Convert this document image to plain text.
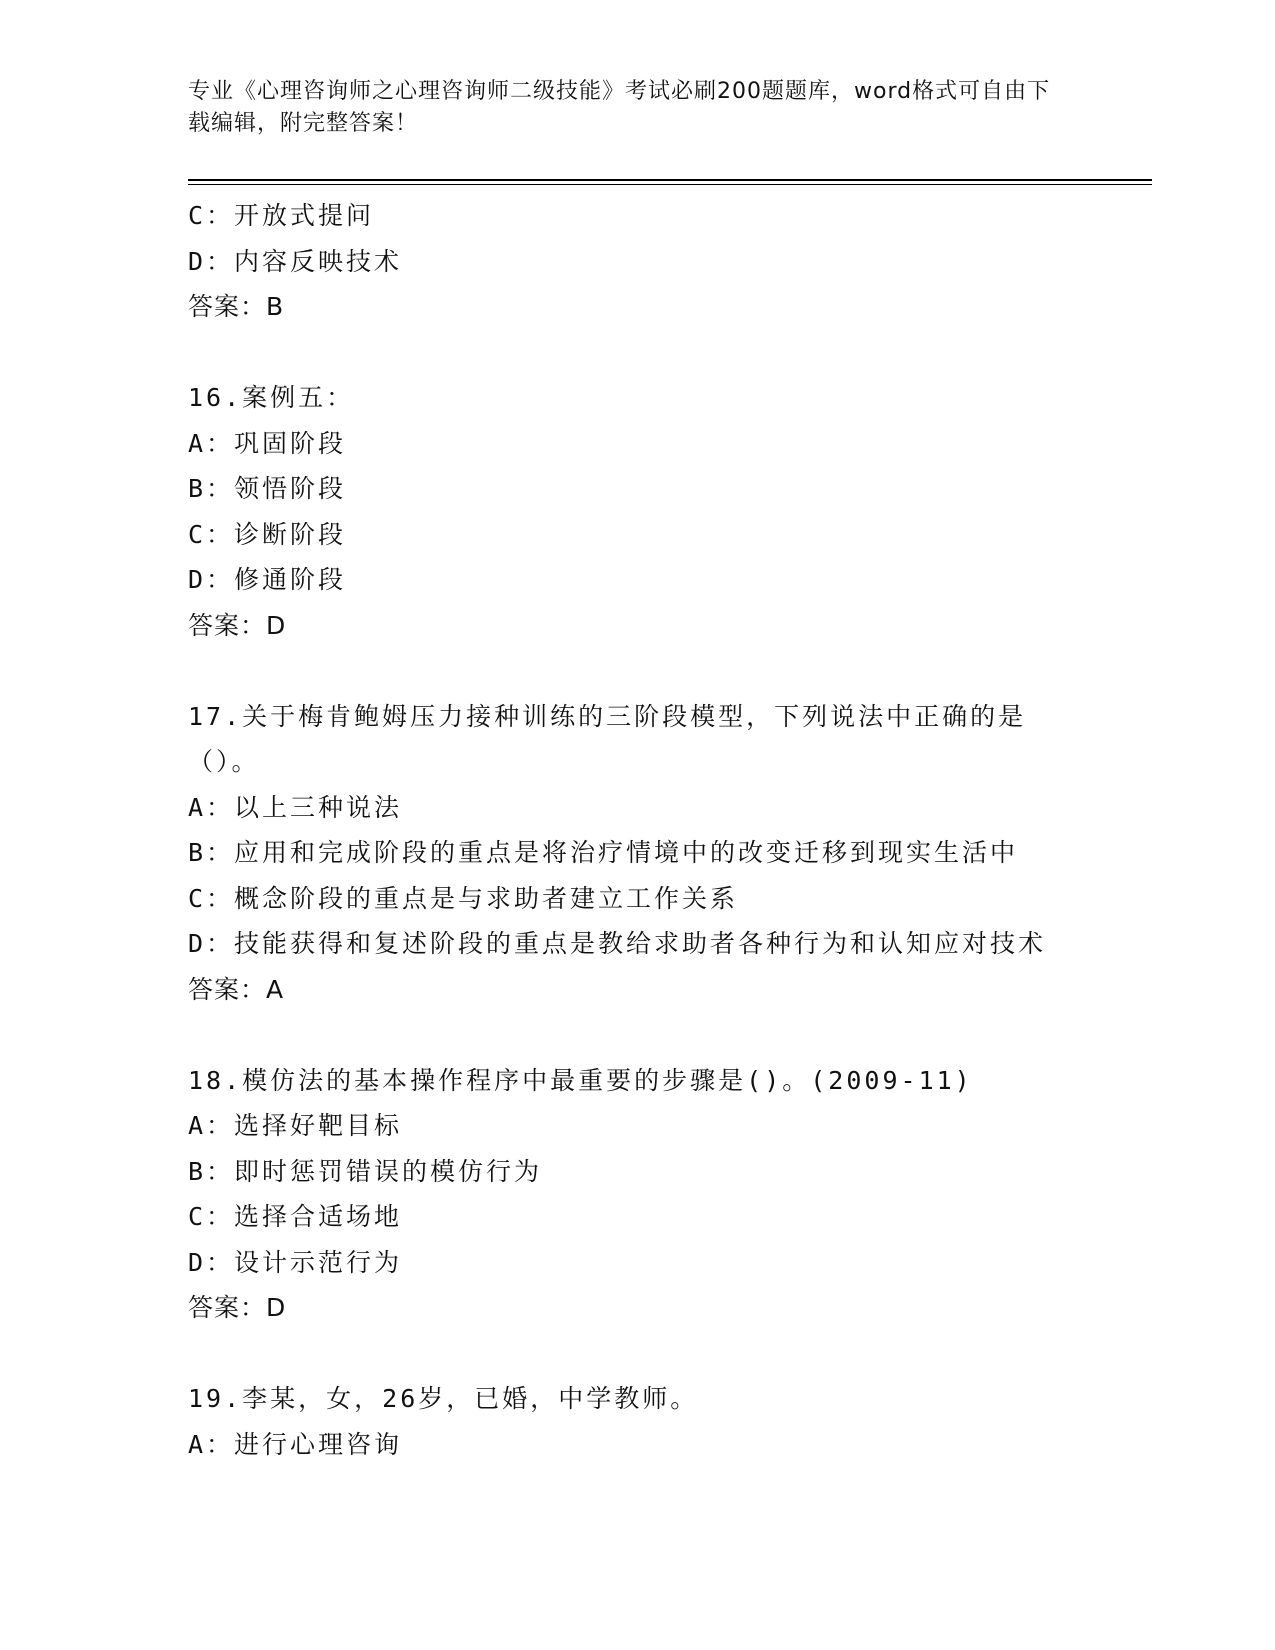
专业《心理咨询师之心理咨询师二级技能》考试必刷200题题库，word格式可自由下载编辑，附完整答案！
C：开放式提问
D：内容反映技术
答案：B
16.案例五：
A：巩固阶段
B：领悟阶段
C：诊断阶段
D：修通阶段
答案：D
17.关于梅肯鲍姆压力接种训练的三阶段模型，下列说法中正确的是（）。
A：以上三种说法
B：应用和完成阶段的重点是将治疗情境中的改变迁移到现实生活中
C：概念阶段的重点是与求助者建立工作关系
D：技能获得和复述阶段的重点是教给求助者各种行为和认知应对技术
答案：A
18.模仿法的基本操作程序中最重要的步骤是()。(2009-11)
A：选择好靶目标
B：即时惩罚错误的模仿行为
C：选择合适场地
D：设计示范行为
答案：D
19.李某，女，26岁，已婚，中学教师。
A：进行心理咨询
